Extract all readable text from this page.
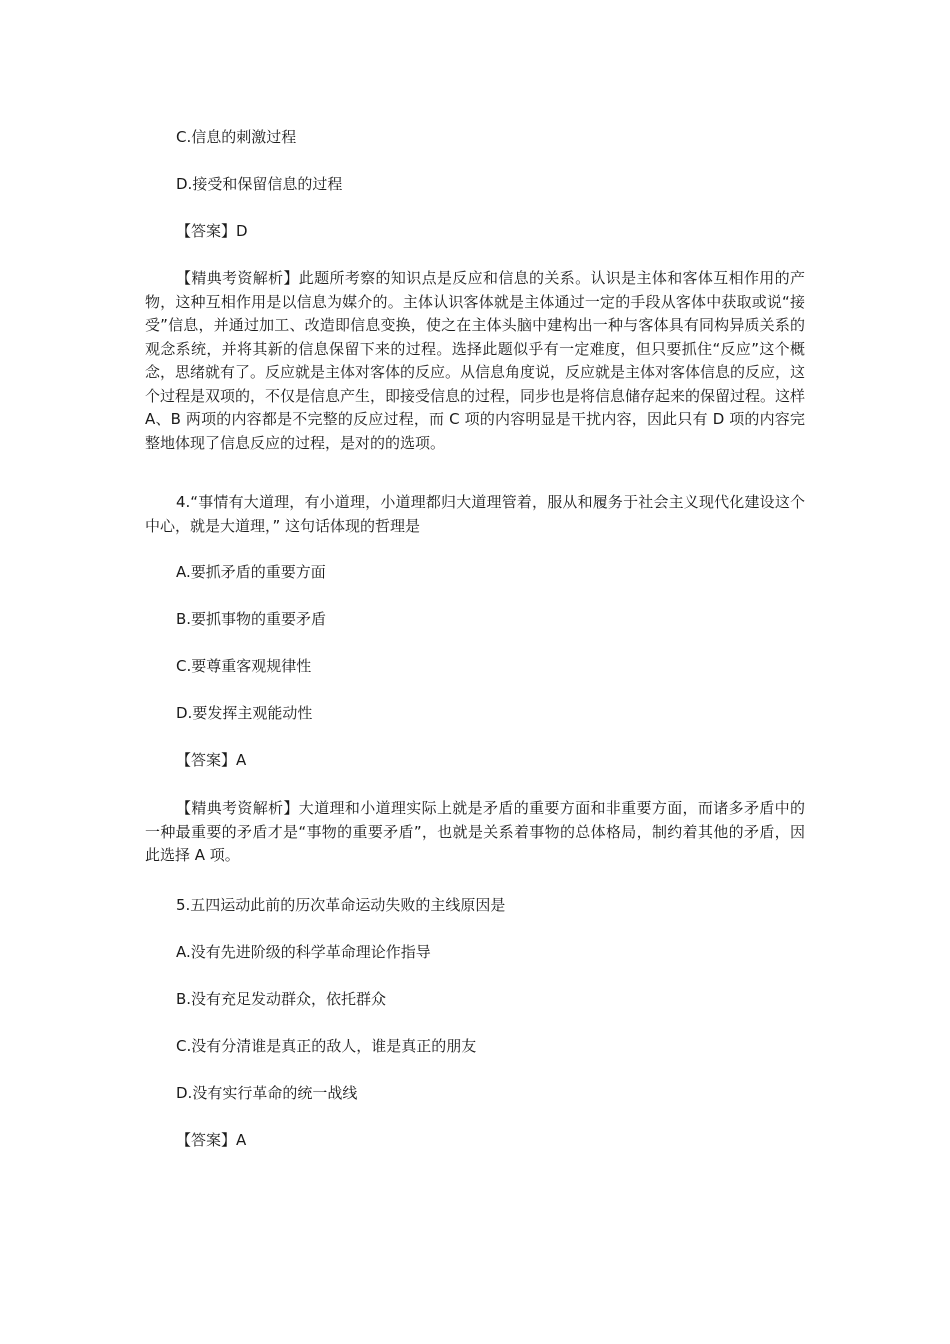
C.信息的刺激过程
D.接受和保留信息的过程
【答案】D
【精典考资解析】此题所考察的知识点是反应和信息的关系。认识是主体和客体互相作用的产物，这种互相作用是以信息为媒介的。主体认识客体就是主体通过一定的手段从客体中获取或说“接受”信息，并通过加工、改造即信息变换，使之在主体头脑中建构出一种与客体具有同构异质关系的观念系统，并将其新的信息保留下来的过程。选择此题似乎有一定难度，但只要抓住“反应”这个概念，思绪就有了。反应就是主体对客体的反应。从信息角度说，反应就是主体对客体信息的反应，这个过程是双项的，不仅是信息产生，即接受信息的过程，同步也是将信息储存起来的保留过程。这样 A、B 两项的内容都是不完整的反应过程，而 C 项的内容明显是干扰内容，因此只有 D 项的内容完整地体现了信息反应的过程，是对的的选项。
4.“事情有大道理，有小道理，小道理都归大道理管着，服从和履务于社会主义现代化建设这个中心，就是大道理，” 这句话体现的哲理是
A.要抓矛盾的重要方面
B.要抓事物的重要矛盾
C.要尊重客观规律性
D.要发挥主观能动性
【答案】A
【精典考资解析】大道理和小道理实际上就是矛盾的重要方面和非重要方面，而诸多矛盾中的一种最重要的矛盾才是“事物的重要矛盾”，也就是关系着事物的总体格局，制约着其他的矛盾，因此选择 A 项。
5.五四运动此前的历次革命运动失败的主线原因是
A.没有先进阶级的科学革命理论作指导
B.没有充足发动群众，依托群众
C.没有分清谁是真正的敌人，谁是真正的朋友
D.没有实行革命的统一战线
【答案】A
